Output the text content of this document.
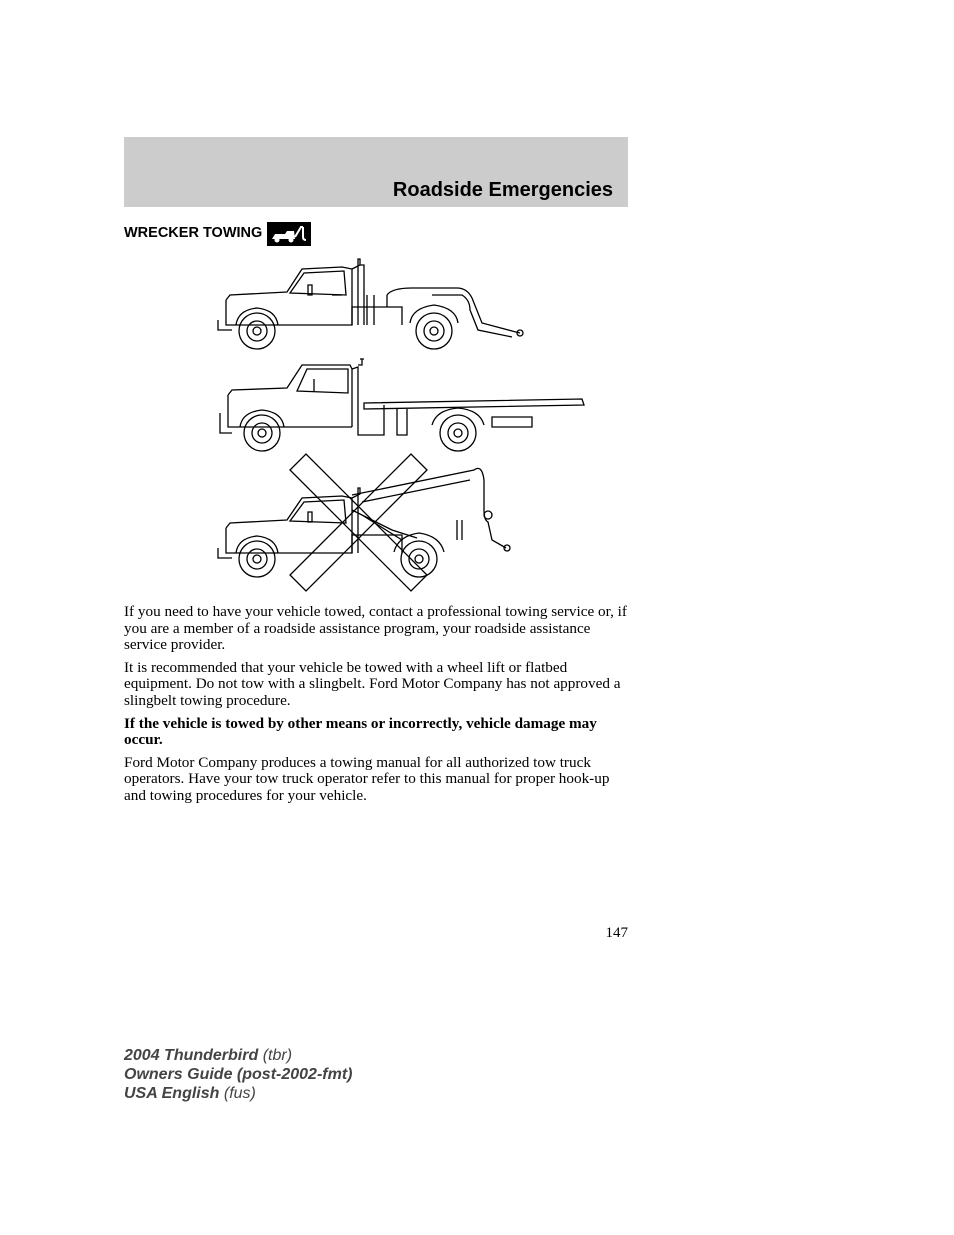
Roadside Emergencies
WRECKER TOWING

If you need to have your vehicle towed, contact a professional towing service or, if you are a member of a roadside assistance program, your roadside assistance service provider.

It is recommended that your vehicle be towed with a wheel lift or flatbed equipment. Do not tow with a slingbelt. Ford Motor Company has not approved a slingbelt towing procedure.

If the vehicle is towed by other means or incorrectly, vehicle damage may occur.

Ford Motor Company produces a towing manual for all authorized tow truck operators. Have your tow truck operator refer to this manual for proper hook-up and towing procedures for your vehicle.

147
2004 Thunderbird (tbr)
Owners Guide (post-2002-fmt)
USA English (fus)
